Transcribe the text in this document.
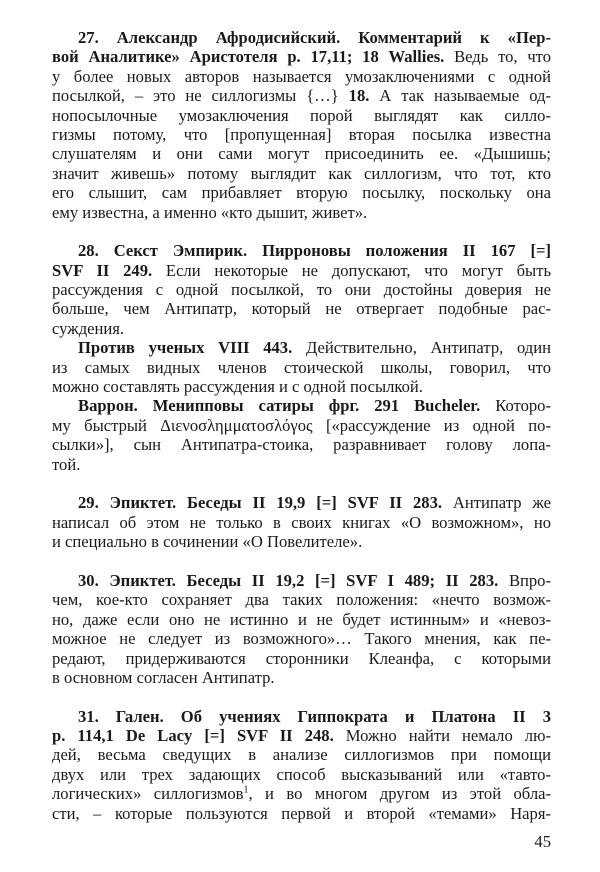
27. Александр Афродисийский. Комментарий к «Пер-
вой Аналитике» Аристотеля р. 17,11; 18 Wallies. Ведь то, что
у более новых авторов называется умозаключениями с одной
посылкой, – это не силлогизмы {…} 18. А так называемые од-
нопосылочные умозаключения порой выглядят как силло-
гизмы потому, что [пропущенная] вторая посылка известна
слушателям и они сами могут присоединить ее. «Дышишь;
значит живешь» потому выглядит как силлогизм, что тот, кто
его слышит, сам прибавляет вторую посылку, поскольку она
ему известна, а именно «кто дышит, живет».
28. Секст Эмпирик. Пирроновы положения II 167 [=]
SVF II 249. Если некоторые не допускают, что могут быть
рассуждения с одной посылкой, то они достойны доверия не
больше, чем Антипатр, который не отвергает подобные рас-
суждения.
Против ученых VIII 443. Действительно, Антипатр, один
из самых видных членов стоической школы, говорил, что
можно составлять рассуждения и с одной посылкой.
Варрон. Менипповы сатиры фрг. 291 Bucheler. Которо-
му быстрый Διενοσλημματοσλόγος [«рассуждение из одной по-
сылки»], сын Антипатра-стоика, разравнивает голову лопа-
той.
29. Эпиктет. Беседы II 19,9 [=] SVF II 283. Антипатр же
написал об этом не только в своих книгах «О возможном», но
и специально в сочинении «О Повелителе».
30. Эпиктет. Беседы II 19,2 [=] SVF I 489; II 283. Впро-
чем, кое-кто сохраняет два таких положения: «нечто возмож-
но, даже если оно не истинно и не будет истинным» и «невоз-
можное не следует из возможного»… Такого мнения, как пе-
редают, придерживаются сторонники Клеанфа, с которыми
в основном согласен Антипатр.
31. Гален. Об учениях Гиппократа и Платона II 3
р. 114,1 De Lacy [=] SVF II 248. Можно найти немало лю-
дей, весьма сведущих в анализе силлогизмов при помощи
двух или трех задающих способ высказываний или «тавто-
логических» силлогизмов$^1$, и во многом другом из этой обла-
сти, – которые пользуются первой и второй «темами» Наря-
45
